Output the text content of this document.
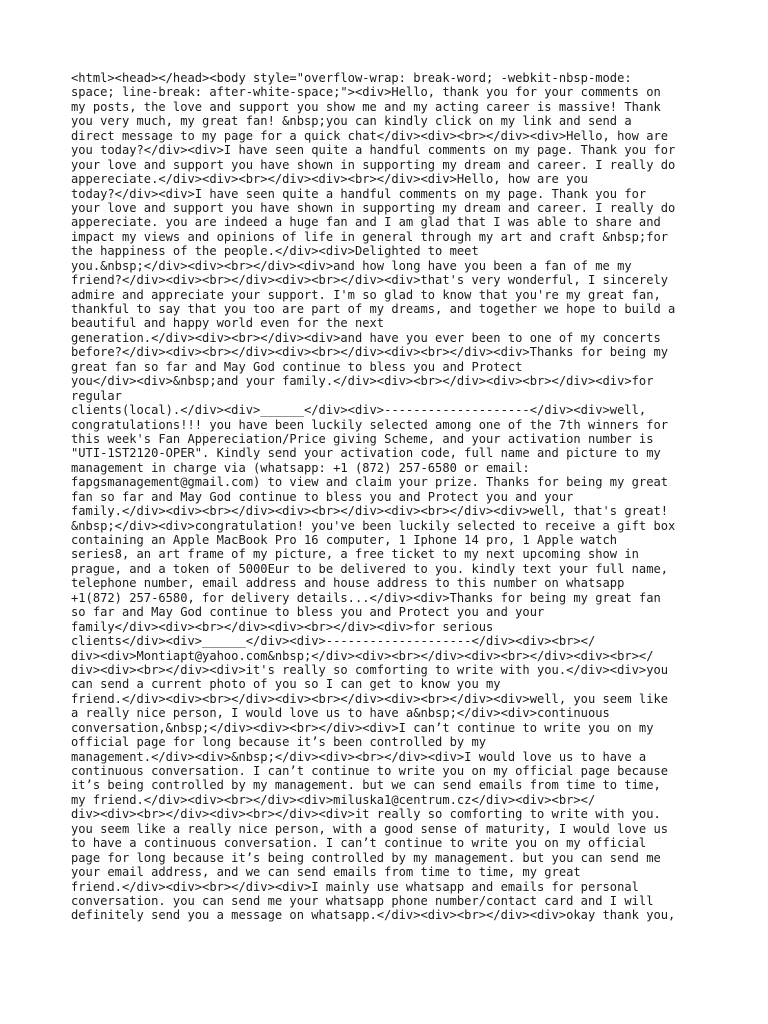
<html><head></head><body style="overflow-wrap: break-word; -webkit-nbsp-mode:
space; line-break: after-white-space;"><div>Hello, thank you for your comments on
my posts, the love and support you show me and my acting career is massive! Thank
you very much, my great fan! &nbsp;you can kindly click on my link and send a
direct message to my page for a quick chat</div><div><br></div><div>Hello, how are
you today?</div><div>I have seen quite a handful comments on my page. Thank you for
your love and support you have shown in supporting my dream and career. I really do
appereciate.</div><div><br></div><div><br></div><div>Hello, how are you
today?</div><div>I have seen quite a handful comments on my page. Thank you for
your love and support you have shown in supporting my dream and career. I really do
appereciate. you are indeed a huge fan and I am glad that I was able to share and
impact my views and opinions of life in general through my art and craft &nbsp;for
the happiness of the people.</div><div>Delighted to meet
you.&nbsp;</div><div><br></div><div>and how long have you been a fan of me my
friend?</div><div><br></div><div><br></div><div>that's very wonderful, I sincerely
admire and appreciate your support. I'm so glad to know that you're my great fan,
thankful to say that you too are part of my dreams, and together we hope to build a
beautiful and happy world even for the next
generation.</div><div><br></div><div>and have you ever been to one of my concerts
before?</div><div><br></div><div><br></div><div><br></div><div>Thanks for being my
great fan so far and May God continue to bless you and Protect
you</div><div>&nbsp;and your family.</div><div><br></div><div><br></div><div>for
regular
clients(local).</div><div>______</div><div>--------------------</div><div>well,
congratulations!!! you have been luckily selected among one of the 7th winners for
this week's Fan Appereciation/Price giving Scheme, and your activation number is
"UTI-1ST2120-OPER". Kindly send your activation code, full name and picture to my
management in charge via (whatsapp: +1 (872) 257-6580 or email:
fapgsmanagement@gmail.com) to view and claim your prize. Thanks for being my great
fan so far and May God continue to bless you and Protect you and your
family.</div><div><br></div><div><br></div><div><br></div><div>well, that's great!
&nbsp;</div><div>congratulation! you've been luckily selected to receive a gift box
containing an Apple MacBook Pro 16 computer, 1 Iphone 14 pro, 1 Apple watch
series8, an art frame of my picture, a free ticket to my next upcoming show in
prague, and a token of 5000Eur to be delivered to you. kindly text your full name,
telephone number, email address and house address to this number on whatsapp
+1(872) 257-6580, for delivery details...</div><div>Thanks for being my great fan
so far and May God continue to bless you and Protect you and your
family</div><div><br></div><div><br></div><div>for serious
clients</div><div>______</div><div>--------------------</div><div><br></
div><div>Montiapt@yahoo.com&nbsp;</div><div><br></div><div><br></div><div><br></
div><div><br></div><div>it's really so comforting to write with you.</div><div>you
can send a current photo of you so I can get to know you my
friend.</div><div><br></div><div><br></div><div><br></div><div>well, you seem like
a really nice person, I would love us to have a&nbsp;</div><div>continuous
conversation,&nbsp;</div><div><br></div><div>I can’t continue to write you on my
official page for long because it’s been controlled by my
management.</div><div>&nbsp;</div><div><br></div><div>I would love us to have a
continuous conversation. I can’t continue to write you on my official page because
it’s being controlled by my management. but we can send emails from time to time,
my friend.</div><div><br></div><div>miluska1@centrum.cz</div><div><br></
div><div><br></div><div><br></div><div>it really so comforting to write with you.
you seem like a really nice person, with a good sense of maturity, I would love us
to have a continuous conversation. I can’t continue to write you on my official
page for long because it’s being controlled by my management. but you can send me
your email address, and we can send emails from time to time, my great
friend.</div><div><br></div><div>I mainly use whatsapp and emails for personal
conversation. you can send me your whatsapp phone number/contact card and I will
definitely send you a message on whatsapp.</div><div><br></div><div>okay thank you,
